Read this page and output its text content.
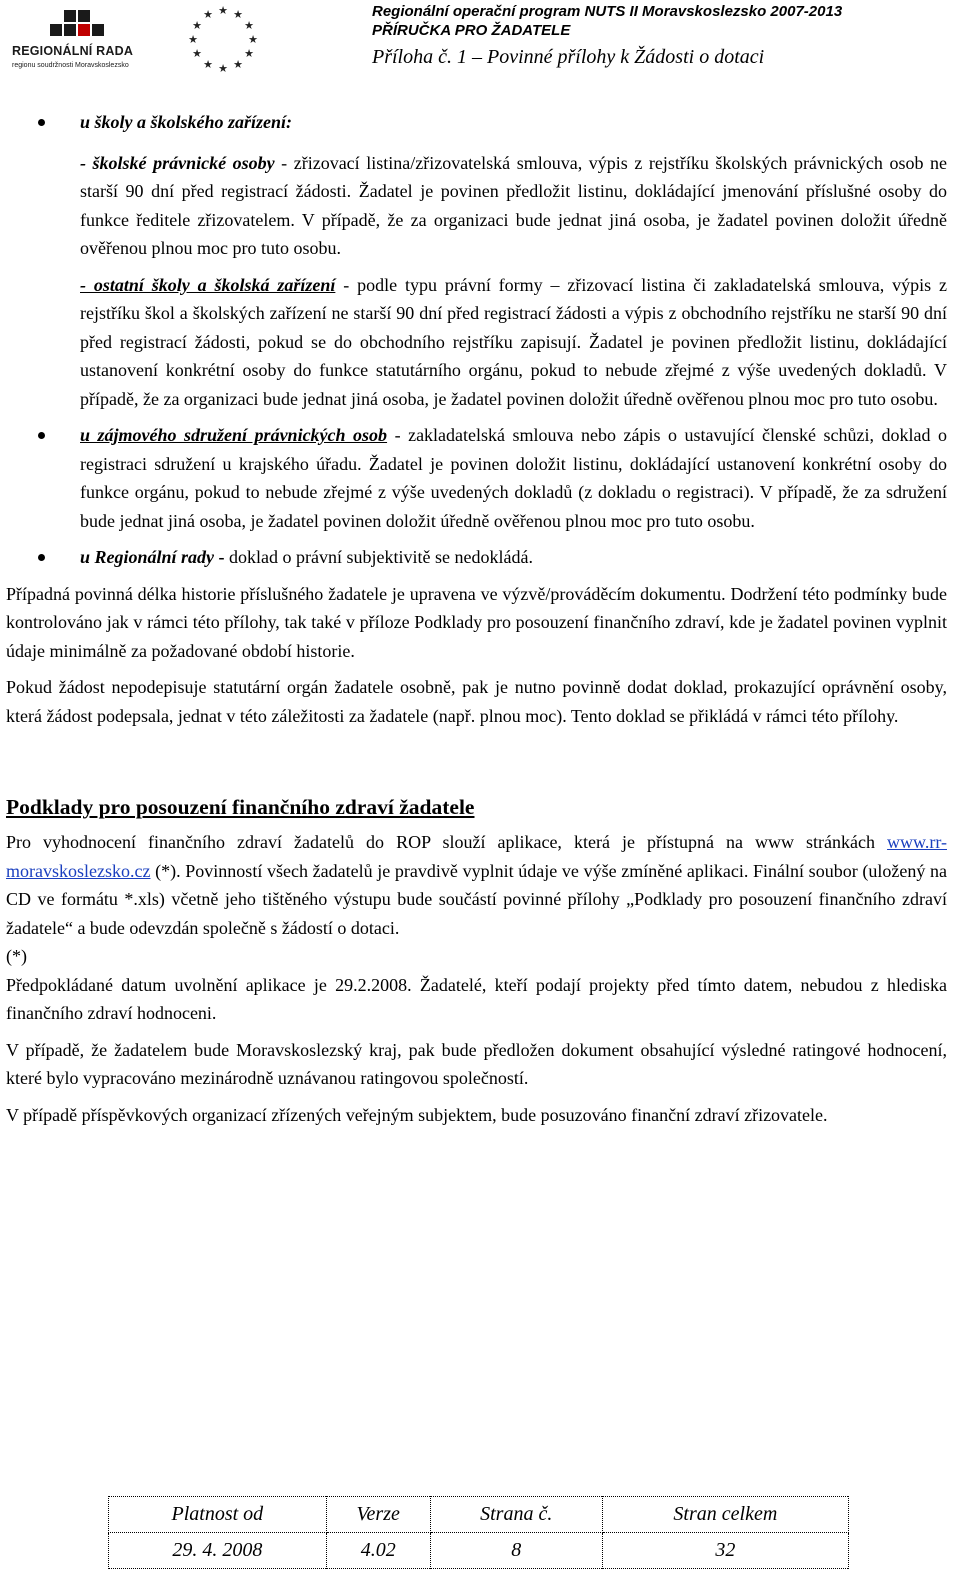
REGIONÁLNÍ RADA
regionu soudržnosti Moravskoslezsko
★ ★
★
★
★
★
★
★
★
★
★
★	Regionální operační program NUTS II Moravskoslezsko 2007-2013
PŘÍRUČKA PRO ŽADATELE
Příloha č. 1 – Povinné přílohy k Žádosti o dotaci

u školy a školského zařízení:

- školské právnické osoby - zřizovací listina/zřizovatelská smlouva, výpis z rejstříku školských právnických osob ne starší 90 dní před registrací žádosti. Žadatel je povinen předložit listinu, dokládající jmenování příslušné osoby do funkce ředitele zřizovatelem. V případě, že za organizaci bude jednat jiná osoba, je žadatel povinen doložit úředně ověřenou plnou moc pro tuto osobu.

- ostatní školy a školská zařízení - podle typu právní formy – zřizovací listina či zakladatelská smlouva, výpis z rejstříku škol a školských zařízení ne starší 90 dní před registrací žádosti a výpis z obchodního rejstříku ne starší 90 dní před registrací žádosti, pokud se do obchodního rejstříku zapisují. Žadatel je povinen předložit listinu, dokládající ustanovení konkrétní osoby do funkce statutárního orgánu, pokud to nebude zřejmé z výše uvedených dokladů. V případě, že za organizaci bude jednat jiná osoba, je žadatel povinen doložit úředně ověřenou plnou moc pro tuto osobu.

u zájmového sdružení právnických osob - zakladatelská smlouva nebo zápis o ustavující členské schůzi, doklad o registraci sdružení u krajského úřadu. Žadatel je povinen doložit listinu, dokládající ustanovení konkrétní osoby do funkce orgánu, pokud to nebude zřejmé z výše uvedených dokladů (z dokladu o registraci). V případě, že za sdružení bude jednat jiná osoba, je žadatel povinen doložit úředně ověřenou plnou moc pro tuto osobu.

u Regionální rady - doklad o právní subjektivitě se nedokládá.

Případná povinná délka historie příslušného žadatele je upravena ve výzvě/prováděcím dokumentu. Dodržení této podmínky bude kontrolováno jak v rámci této přílohy, tak také v příloze Podklady pro posouzení finančního zdraví, kde je žadatel povinen vyplnit údaje minimálně za požadované období historie.

Pokud žádost nepodepisuje statutární orgán žadatele osobně, pak je nutno povinně dodat doklad, prokazující oprávnění osoby, která žádost podepsala, jednat v této záležitosti za žadatele (např. plnou moc). Tento doklad se přikládá v rámci této přílohy.

Podklady pro posouzení finančního zdraví žadatele

Pro vyhodnocení finančního zdraví žadatelů do ROP slouží aplikace, která je přístupná na www stránkách www.rr-moravskoslezsko.cz (*). Povinností všech žadatelů je pravdivě vyplnit údaje ve výše zmíněné aplikaci. Finální soubor (uložený na CD ve formátu *.xls) včetně jeho tištěného výstupu bude součástí povinné přílohy „Podklady pro posouzení finančního zdraví žadatele“ a bude odevzdán společně s žádostí o dotaci.

(*)

Předpokládané datum uvolnění aplikace je 29.2.2008. Žadatelé, kteří podají projekty před tímto datem, nebudou z hlediska finančního zdraví hodnoceni.

V případě, že žadatelem bude Moravskoslezský kraj, pak bude předložen dokument obsahující výsledné ratingové hodnocení, které bylo vypracováno mezinárodně uznávanou ratingovou společností.

V případě příspěvkových organizací zřízených veřejným subjektem, bude posuzováno finanční zdraví zřizovatele.

Platnost od	Verze	Strana č.	Stran celkem
29. 4. 2008	4.02	8	32
